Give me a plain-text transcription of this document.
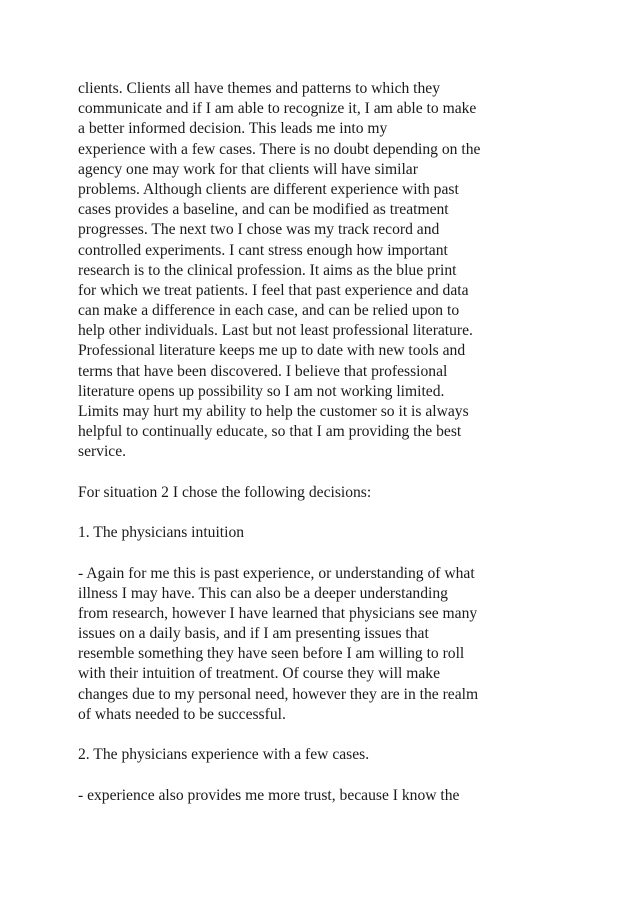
clients. Clients all have themes and patterns to which they
communicate and if I am able to recognize it, I am able to make
a better informed decision. This leads me into my
experience with a few cases. There is no doubt depending on the
agency one may work for that clients will have similar
problems. Although clients are different experience with past
cases provides a baseline, and can be modified as treatment
progresses. The next two I chose was my track record and
controlled experiments. I cant stress enough how important
research is to the clinical profession. It aims as the blue print
for which we treat patients. I feel that past experience and data
can make a difference in each case, and can be relied upon to
help other individuals. Last but not least professional literature.
Professional literature keeps me up to date with new tools and
terms that have been discovered. I believe that professional
literature opens up possibility so I am not working limited.
Limits may hurt my ability to help the customer so it is always
helpful to continually educate, so that I am providing the best
service.
For situation 2 I chose the following decisions:
1. The physicians intuition
- Again for me this is past experience, or understanding of what
illness I may have. This can also be a deeper understanding
from research, however I have learned that physicians see many
issues on a daily basis, and if I am presenting issues that
resemble something they have seen before I am willing to roll
with their intuition of treatment. Of course they will make
changes due to my personal need, however they are in the realm
of whats needed to be successful.
2. The physicians experience with a few cases.
- experience also provides me more trust, because I know the
